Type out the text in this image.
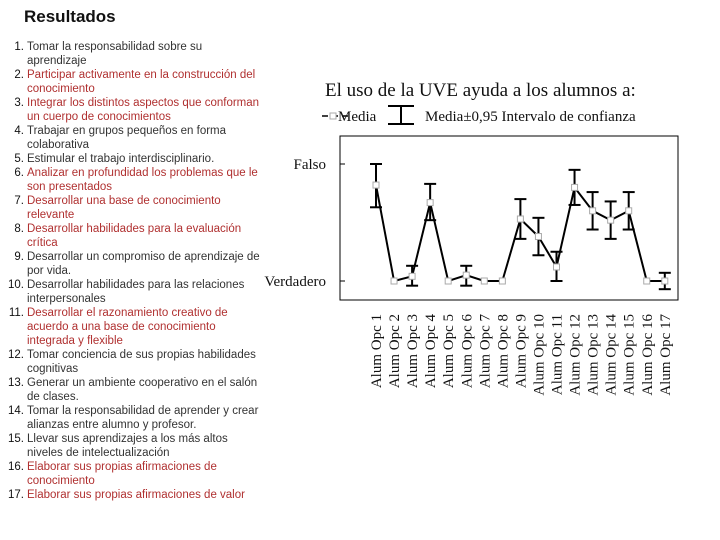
Resultados
1. Tomar la responsabilidad sobre su aprendizaje
2. Participar activamente en la construcción del conocimiento
3. Integrar los distintos aspectos que conforman un cuerpo de conocimientos
4. Trabajar en grupos pequeños en forma colaborativa
5. Estimular el trabajo interdisciplinario.
6. Analizar en profundidad los problemas que le son presentados
7. Desarrollar una base de conocimiento relevante
8. Desarrollar habilidades para la evaluación crítica
9. Desarrollar un compromiso de aprendizaje de por vida.
10. Desarrollar habilidades para las relaciones interpersonales
11. Desarrollar el razonamiento creativo de acuerdo a una base de conocimiento integrada y flexible
12. Tomar conciencia de sus propias habilidades cognitivas
13. Generar un ambiente cooperativo en el salón de clases.
14. Tomar la responsabilidad de aprender y crear alianzas entre alumno y profesor.
15. Llevar sus aprendizajes a los más altos niveles de intelectualización
16. Elaborar sus propias afirmaciones de conocimiento
17. Elaborar sus propias afirmaciones de valor
El uso de la UVE ayuda a los alumnos a:
Media	Media±0,95 Intervalo de confianza
Verdadero
Falso
Alum Opc 1 Alum Opc 2 Alum Opc 3 Alum Opc 4 Alum Opc 5 Alum Opc 6 Alum Opc 7 Alum Opc 8 Alum Opc 9 Alum Opc 10 Alum Opc 11 Alum Opc 12 Alum Opc 13 Alum Opc 14 Alum Opc 15 Alum Opc 16 Alum Opc 17
